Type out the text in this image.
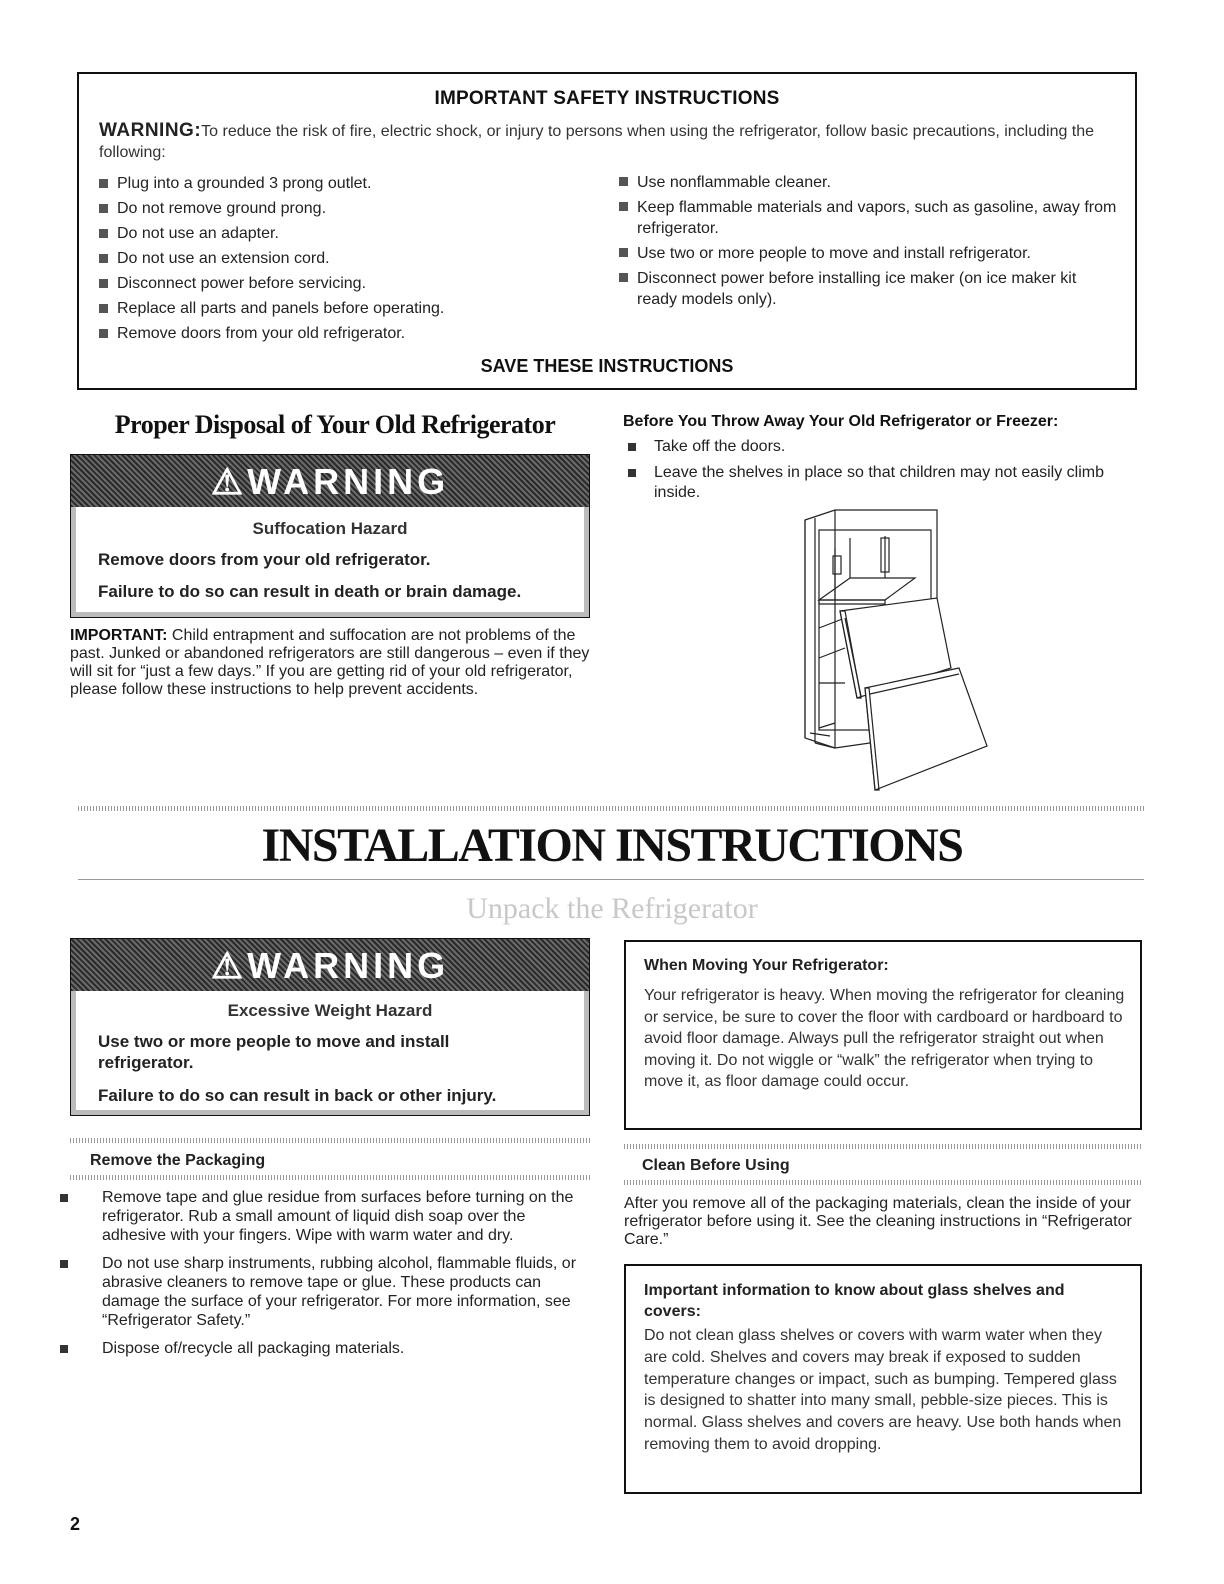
IMPORTANT SAFETY INSTRUCTIONS
WARNING:To reduce the risk of fire, electric shock, or injury to persons when using the refrigerator, follow basic precautions, including the following:
Plug into a grounded 3 prong outlet.
Do not remove ground prong.
Do not use an adapter.
Do not use an extension cord.
Disconnect power before servicing.
Replace all parts and panels before operating.
Remove doors from your old refrigerator.
Use nonflammable cleaner.
Keep flammable materials and vapors, such as gasoline, away from refrigerator.
Use two or more people to move and install refrigerator.
Disconnect power before installing ice maker (on ice maker kit ready models only).
SAVE THESE INSTRUCTIONS
Proper Disposal of Your Old Refrigerator
⚠WARNING
Suffocation Hazard
Remove doors from your old refrigerator.
Failure to do so can result in death or brain damage.
IMPORTANT: Child entrapment and suffocation are not problems of the past. Junked or abandoned refrigerators are still dangerous – even if they will sit for “just a few days.” If you are getting rid of your old refrigerator, please follow these instructions to help prevent accidents.
Before You Throw Away Your Old Refrigerator or Freezer:
Take off the doors.
Leave the shelves in place so that children may not easily climb inside.
INSTALLATION INSTRUCTIONS
Unpack the Refrigerator
⚠WARNING
Excessive Weight Hazard
Use two or more people to move and install refrigerator.
Failure to do so can result in back or other injury.
When Moving Your Refrigerator:
Your refrigerator is heavy. When moving the refrigerator for cleaning or service, be sure to cover the floor with cardboard or hardboard to avoid floor damage. Always pull the refrigerator straight out when moving it. Do not wiggle or “walk” the refrigerator when trying to move it, as floor damage could occur.
Remove the Packaging
Remove tape and glue residue from surfaces before turning on the refrigerator. Rub a small amount of liquid dish soap over the adhesive with your fingers. Wipe with warm water and dry.
Do not use sharp instruments, rubbing alcohol, flammable fluids, or abrasive cleaners to remove tape or glue. These products can damage the surface of your refrigerator. For more information, see “Refrigerator Safety.”
Dispose of/recycle all packaging materials.
Clean Before Using
After you remove all of the packaging materials, clean the inside of your refrigerator before using it. See the cleaning instructions in “Refrigerator Care.”
Important information to know about glass shelves and covers:
Do not clean glass shelves or covers with warm water when they are cold. Shelves and covers may break if exposed to sudden temperature changes or impact, such as bumping. Tempered glass is designed to shatter into many small, pebble-size pieces. This is normal. Glass shelves and covers are heavy. Use both hands when removing them to avoid dropping.
2
